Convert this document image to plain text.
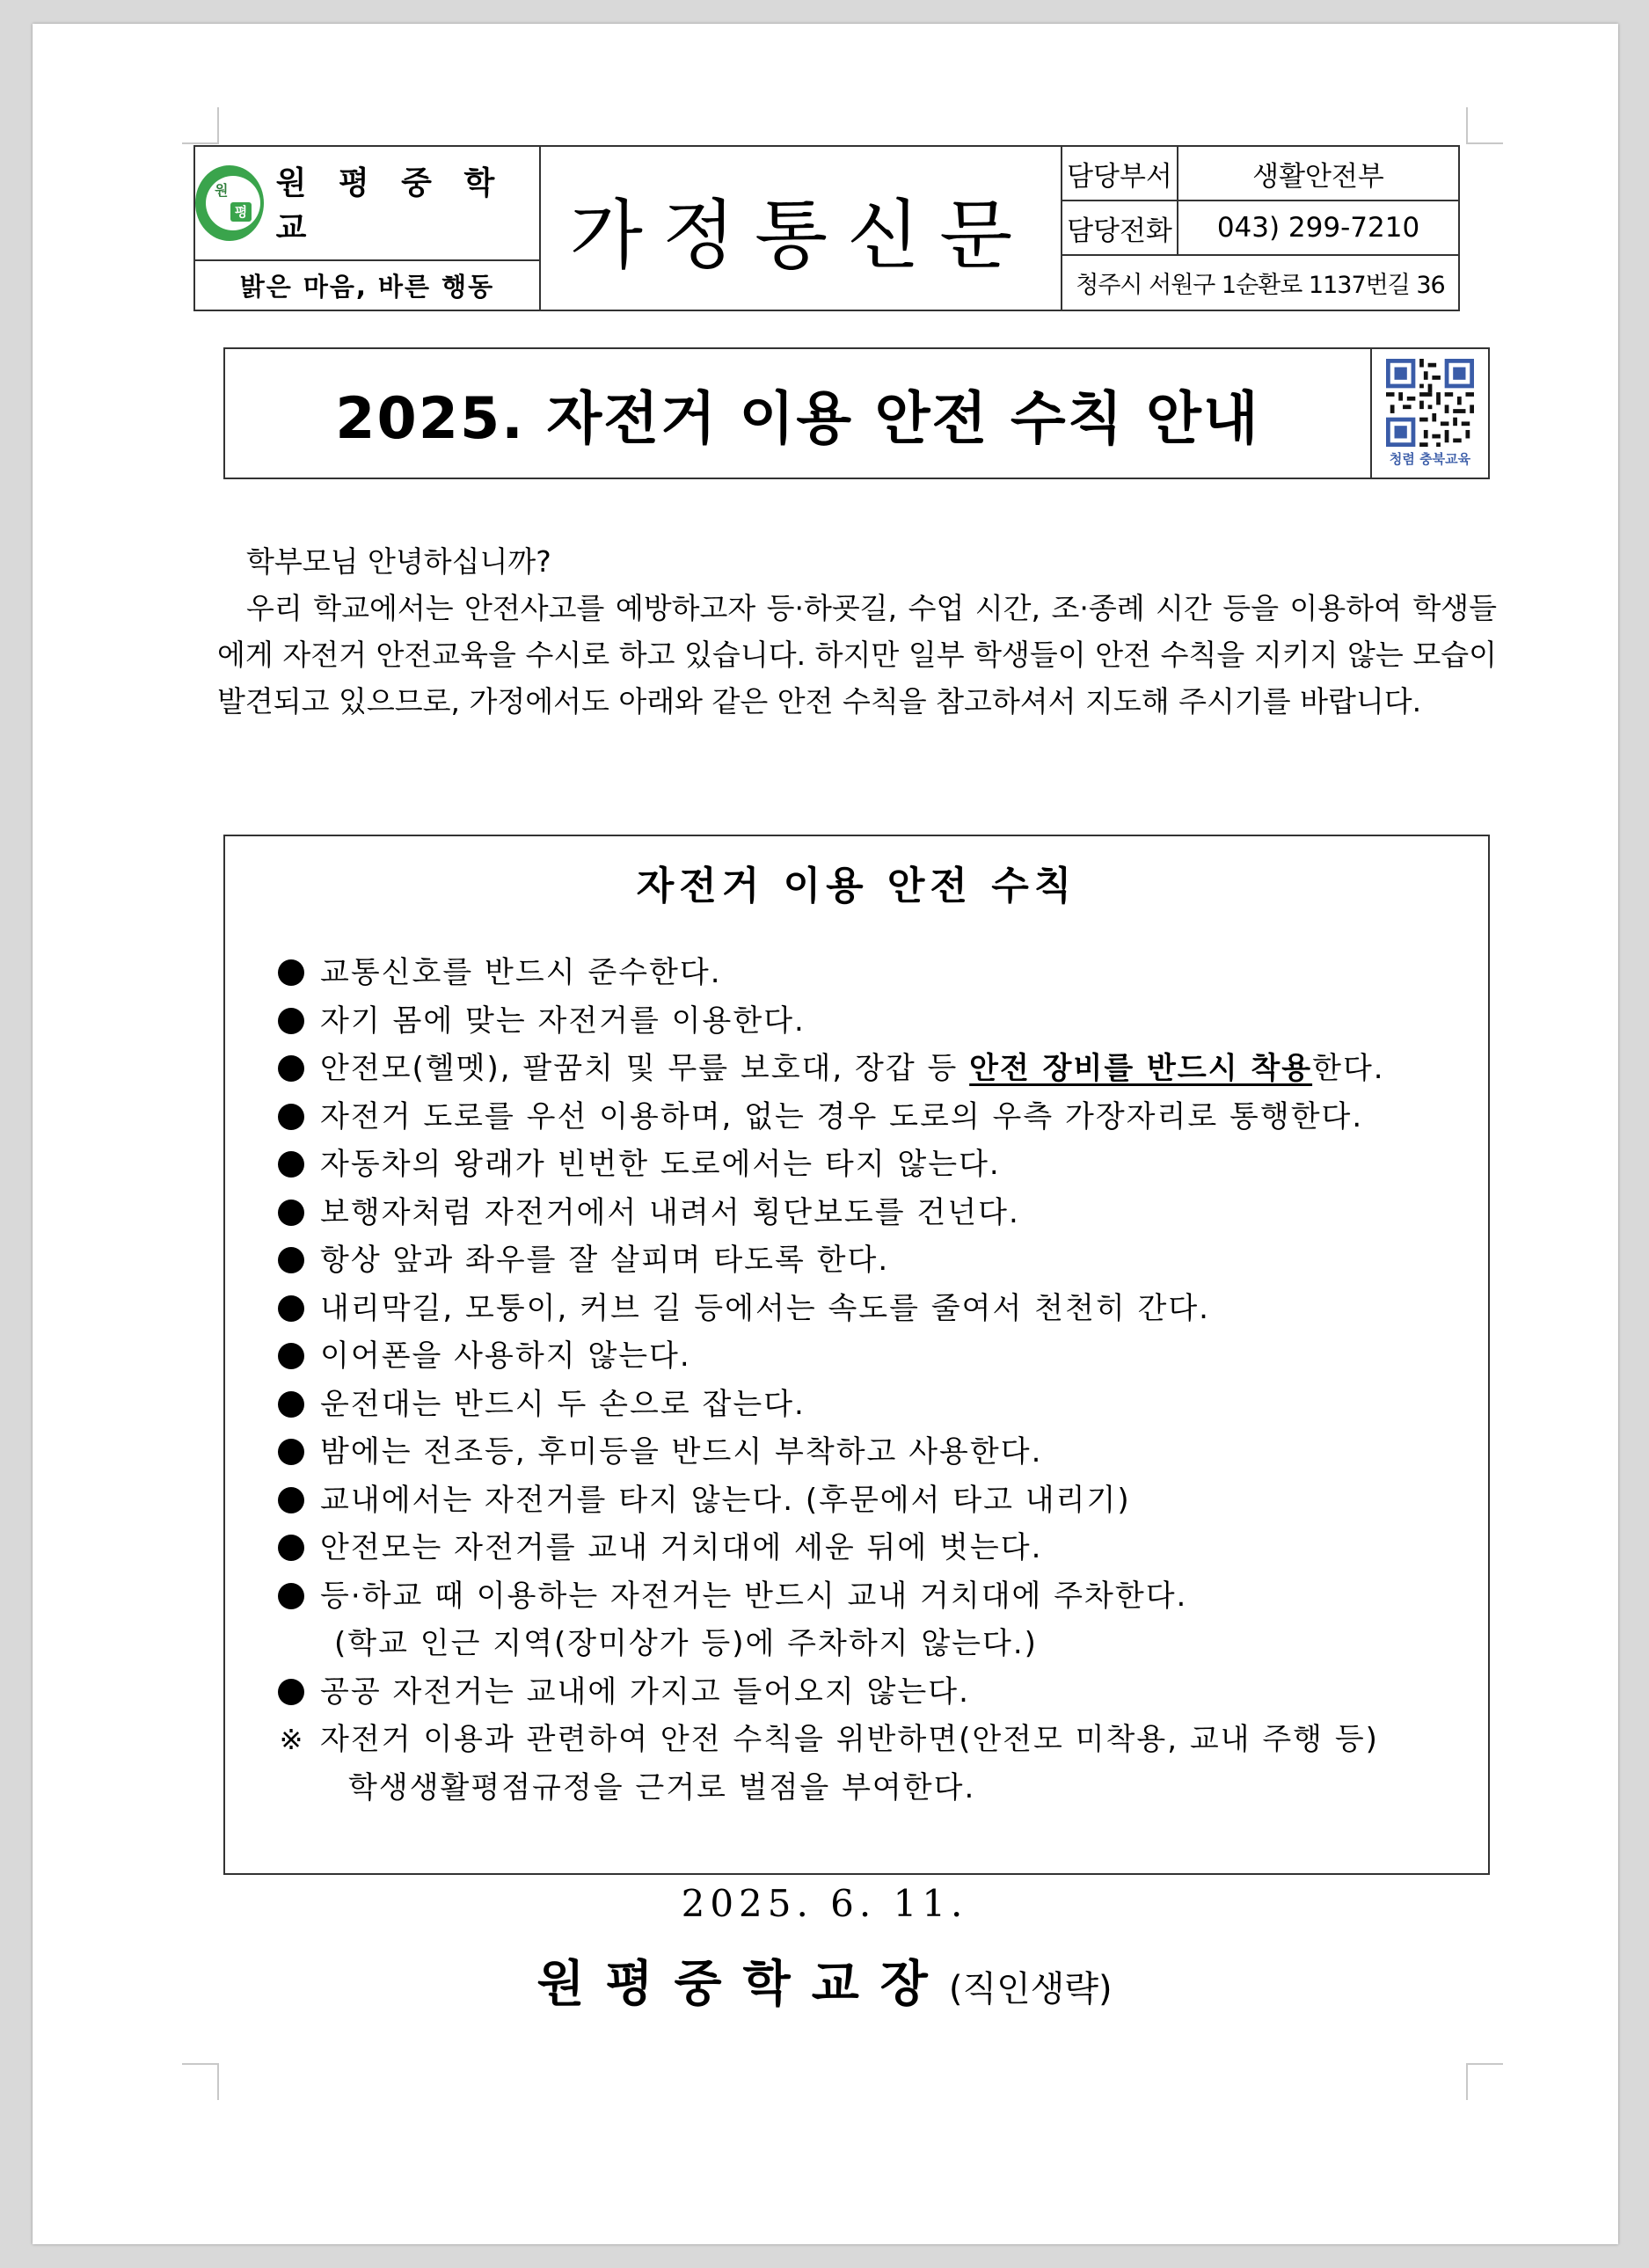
원
평
원 평 중 학 교
밝은 마음, 바른 행동
가정통신문
담당부서	생활안전부
담당전화	043) 299-7210
청주시 서원구 1순환로 1137번길 36
2025. 자전거 이용 안전 수칙 안내
청렴 충북교육

학부모님 안녕하십니까?

우리 학교에서는 안전사고를 예방하고자 등·하굣길, 수업 시간, 조·종례 시간 등을 이용하여 학생들에게 자전거 안전교육을 수시로 하고 있습니다. 하지만 일부 학생들이 안전 수칙을 지키지 않는 모습이 발견되고 있으므로, 가정에서도 아래와 같은 안전 수칙을 참고하셔서 지도해 주시기를 바랍니다.

자전거 이용 안전 수칙
교통신호를 반드시 준수한다.
자기 몸에 맞는 자전거를 이용한다.
안전모(헬멧), 팔꿈치 및 무릎 보호대, 장갑 등 안전 장비를 반드시 착용한다.
자전거 도로를 우선 이용하며, 없는 경우 도로의 우측 가장자리로 통행한다.
자동차의 왕래가 빈번한 도로에서는 타지 않는다.
보행자처럼 자전거에서 내려서 횡단보도를 건넌다.
항상 앞과 좌우를 잘 살피며 타도록 한다.
내리막길, 모퉁이, 커브 길 등에서는 속도를 줄여서 천천히 간다.
이어폰을 사용하지 않는다.
운전대는 반드시 두 손으로 잡는다.
밤에는 전조등, 후미등을 반드시 부착하고 사용한다.
교내에서는 자전거를 타지 않는다. (후문에서 타고 내리기)
안전모는 자전거를 교내 거치대에 세운 뒤에 벗는다.
등·하교 때 이용하는 자전거는 반드시 교내 거치대에 주차한다.
(학교 인근 지역(장미상가 등)에 주차하지 않는다.)
공공 자전거는 교내에 가지고 들어오지 않는다.
※ 자전거 이용과 관련하여 안전 수칙을 위반하면(안전모 미착용, 교내 주행 등)
학생생활평점규정을 근거로 벌점을 부여한다.
2025. 6. 11.
원평중학교장(직인생략)
